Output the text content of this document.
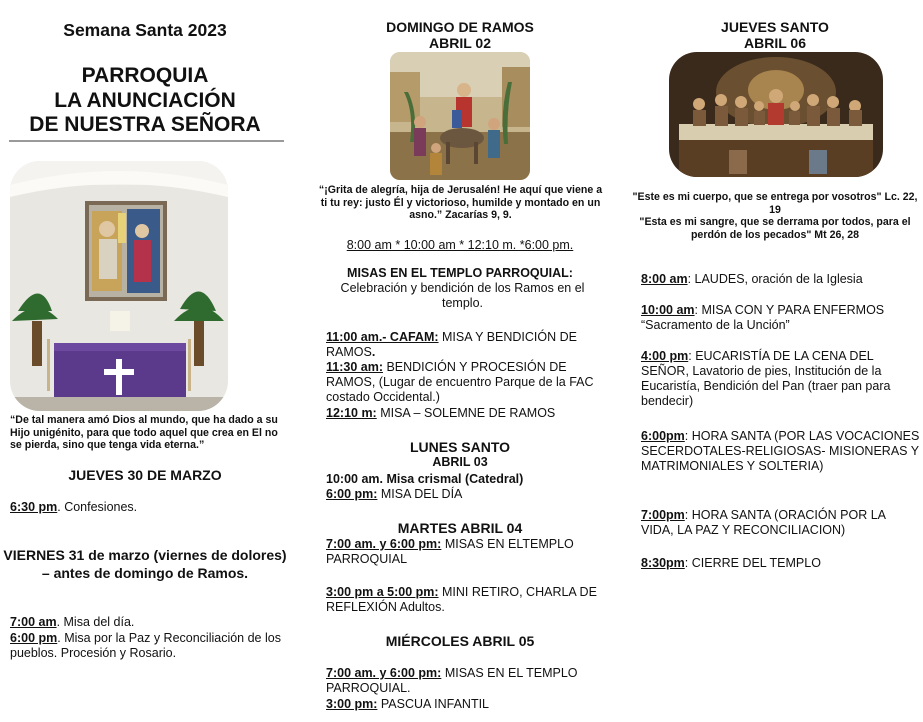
Semana Santa 2023
PARROQUIA
LA ANUNCIACIÓN
DE NUESTRA SEÑORA
“De tal manera amó Dios al mundo, que ha dado a su Hijo unigénito, para que todo aquel que crea en El no se pierda, sino que tenga vida eterna.”
JUEVES 30 DE MARZO
6:30 pm. Confesiones.
VIERNES 31 de marzo (viernes de dolores) – antes de domingo de Ramos.
7:00 am. Misa del día.
6:00 pm. Misa por la Paz y Reconciliación de los pueblos. Procesión y Rosario.
DOMINGO DE RAMOS
ABRIL 02
“¡Grita de alegría, hija de Jerusalén! He aquí que viene a ti tu rey: justo Él y victorioso, humilde y montado en un asno.” Zacarías 9, 9.
8:00 am * 10:00 am * 12:10 m. *6:00 pm.
MISAS EN EL TEMPLO PARROQUIAL:
Celebración y bendición de los Ramos en el templo.
11:00 am.- CAFAM: MISA Y BENDICIÓN DE RAMOS.
11:30 am: BENDICIÓN Y PROCESIÓN DE RAMOS, (Lugar de encuentro Parque de la FAC costado Occidental.)
12:10 m: MISA – SOLEMNE DE RAMOS
LUNES SANTO
ABRIL 03
10:00 am. Misa crismal (Catedral)
6:00 pm: MISA DEL DÍA
MARTES ABRIL 04
7:00 am. y 6:00 pm: MISAS EN ELTEMPLO PARROQUIAL
3:00 pm a 5:00 pm: MINI RETIRO, CHARLA DE REFLEXIÓN Adultos.
MIÉRCOLES ABRIL 05
7:00 am. y 6:00 pm: MISAS EN EL TEMPLO PARROQUIAL.
3:00 pm: PASCUA INFANTIL
JUEVES SANTO
ABRIL 06
"Este es mi cuerpo, que se entrega por vosotros" Lc. 22, 19
"Esta es mi sangre, que se derrama por todos, para el perdón de los pecados" Mt 26, 28
8:00 am: LAUDES, oración de la Iglesia
10:00 am: MISA CON Y PARA ENFERMOS “Sacramento de la Unción”
4:00 pm: EUCARISTÍA DE LA CENA DEL SEÑOR, Lavatorio de pies, Institución de la Eucaristía, Bendición del Pan (traer pan para bendecir)
6:00pm: HORA SANTA (POR LAS VOCACIONES SECERDOTALES-RELIGIOSAS- MISIONERAS Y MATRIMONIALES Y SOLTERIA)
7:00pm: HORA SANTA (ORACIÓN POR LA VIDA, LA PAZ Y RECONCILIACION)
8:30pm: CIERRE DEL TEMPLO
